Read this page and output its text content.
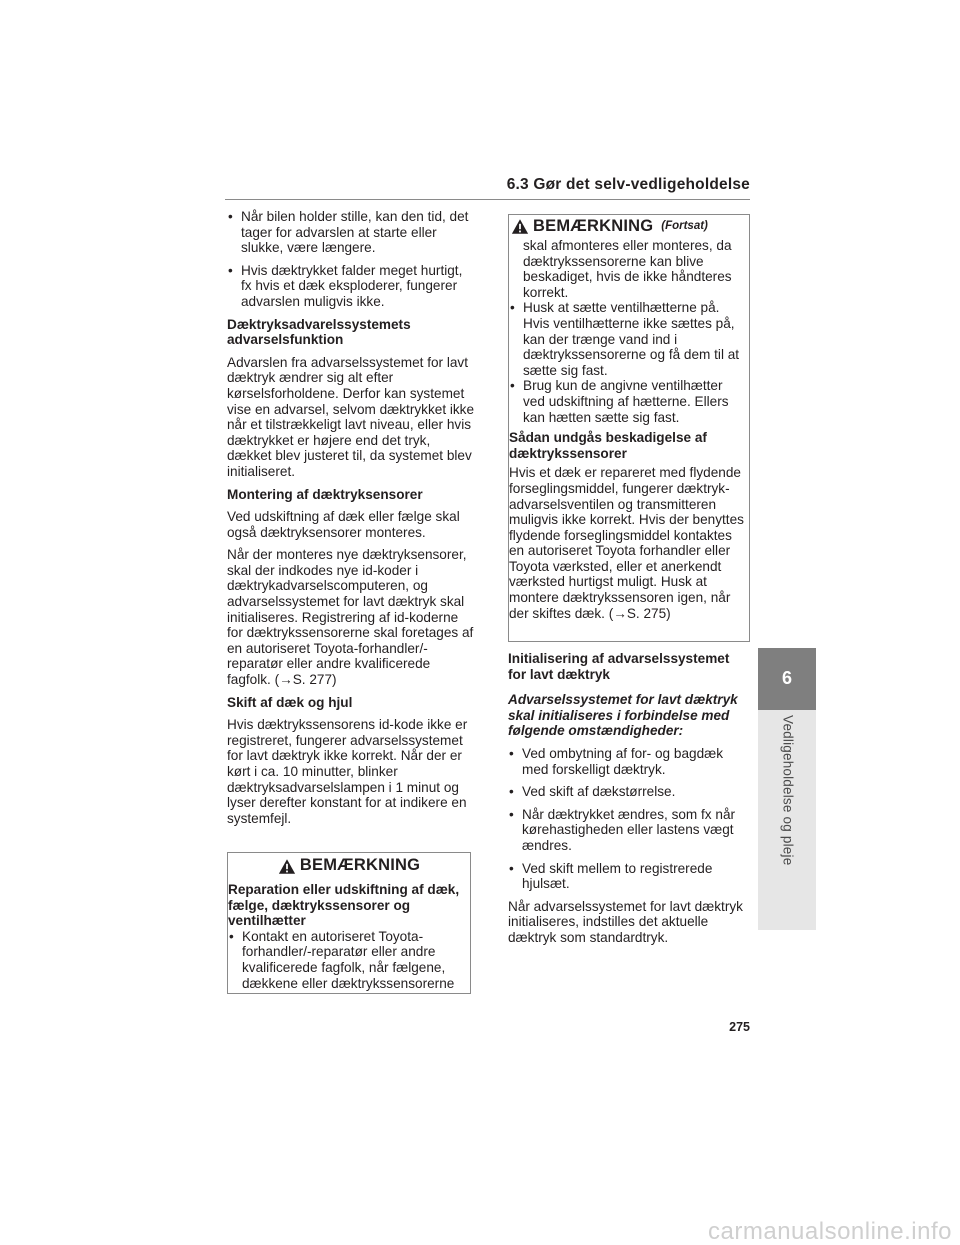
6.3 Gør det selv-vedligeholdelse
• Når bilen holder stille, kan den tid, det tager for advarslen at starte eller slukke, være længere.
• Hvis dæktrykket falder meget hurtigt, fx hvis et dæk eksploderer, fungerer advarslen muligvis ikke.

Dæktryksadvarelssystemets advarselsfunktion

Advarslen fra advarselssystemet for lavt dæktryk ændrer sig alt efter kørselsforholdene. Derfor kan systemet vise en advarsel, selvom dæktrykket ikke når et tilstrækkeligt lavt niveau, eller hvis dæktrykket er højere end det tryk, dækket blev justeret til, da systemet blev initialiseret.

Montering af dæktryksensorer

Ved udskiftning af dæk eller fælge skal også dæktryksensorer monteres.

Når der monteres nye dæktryksensorer, skal der indkodes nye id-koder i dæktrykadvarselscomputeren, og advarselssystemet for lavt dæktryk skal initialiseres. Registrering af id-koderne for dæktrykssensorerne skal foretages af en autoriseret Toyota-forhandler/-reparatør eller andre kvalificerede fagfolk. (→S. 277)

Skift af dæk og hjul

Hvis dæktrykssensorens id-kode ikke er registreret, fungerer advarselssystemet for lavt dæktryk ikke korrekt. Når der er kørt i ca. 10 minutter, blinker dæktryksadvarselslampen i 1 minut og lyser derefter konstant for at indikere en systemfejl.

BEMÆRKNING
Reparation eller udskiftning af dæk, fælge, dæktrykssensorer og ventilhætter
• Kontakt en autoriseret Toyota-forhandler/-reparatør eller andre kvalificerede fagfolk, når fælgene, dækkene eller dæktrykssensorerne
BEMÆRKNING (Fortsat)
skal afmonteres eller monteres, da dæktrykssensorerne kan blive beskadiget, hvis de ikke håndteres korrekt.
• Husk at sætte ventilhætterne på. Hvis ventilhætterne ikke sættes på, kan der trænge vand ind i dæktrykssensorerne og få dem til at sætte sig fast.
• Brug kun de angivne ventilhætter ved udskiftning af hætterne. Ellers kan hætten sætte sig fast.
Sådan undgås beskadigelse af dæktrykssensorer
Hvis et dæk er repareret med flydende forseglingsmiddel, fungerer dæktryk-advarselsventilen og transmitteren muligvis ikke korrekt. Hvis der benyttes flydende forseglingsmiddel kontaktes en autoriseret Toyota forhandler eller Toyota værksted, eller et anerkendt værksted hurtigst muligt. Husk at montere dæktrykssensoren igen, når der skiftes dæk. (→S. 275)

Initialisering af advarselssystemet for lavt dæktryk

Advarselssystemet for lavt dæktryk skal initialiseres i forbindelse med følgende omstændigheder:

• Ved ombytning af for- og bagdæk med forskelligt dæktryk.
• Ved skift af dækstørrelse.
• Når dæktrykket ændres, som fx når kørehastigheden eller lastens vægt ændres.
• Ved skift mellem to registrerede hjulsæt.

Når advarselssystemet for lavt dæktryk initialiseres, indstilles det aktuelle dæktryk som standardtryk.

6
Vedligeholdelse og pleje
275
carmanualsonline.info
